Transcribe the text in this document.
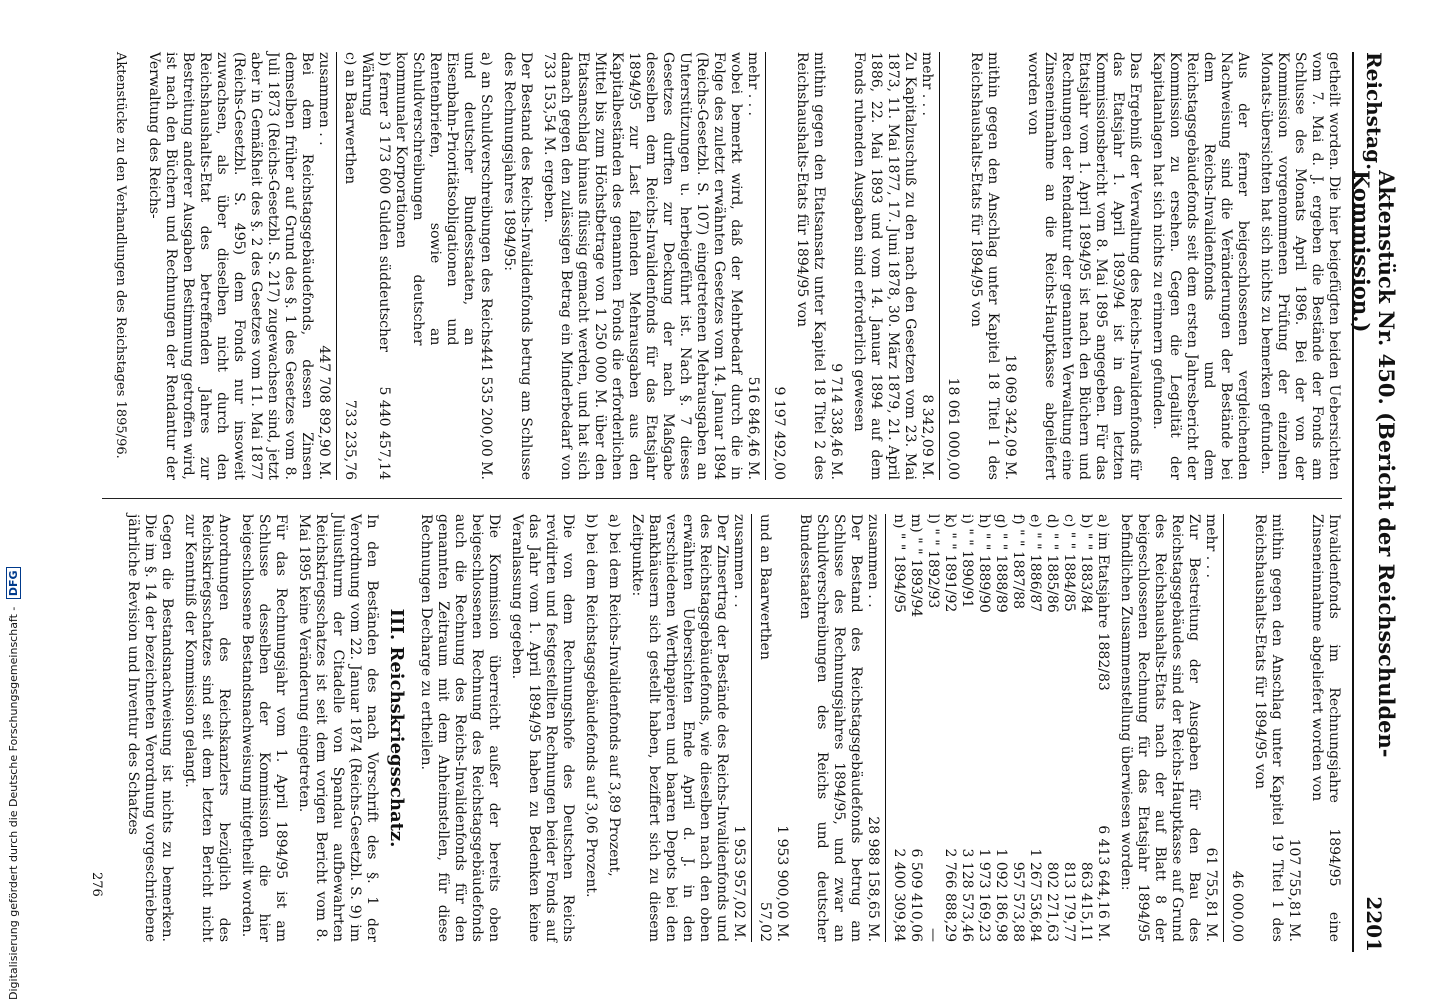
Reichstag.
Aktenstück Nr. 450. (Bericht der Reichsschulden-Kommission.)
2201

getheilt worden. Die hier beigefügten beiden Uebersichten vom 7. Mai d. J. ergeben die Bestände der Fonds am Schlusse des Monats April 1896. Bei der von der Kommission vorgenommenen Prüfung der einzelnen Monats-übersichten hat sich nichts zu bemerken gefunden.

Aus der ferner beigeschlossenen vergleichenden Nachweisung sind die Veränderungen der Bestände bei dem Reichs-Invalidenfonds und dem Reichstagsgebäudefonds seit dem ersten Jahresbericht der Kommission zu ersehen. Gegen die Legalität der Kapitalanlagen hat sich nichts zu erinnern gefunden.

Das Ergebniß der Verwaltung des Reichs-Invalidenfonds für das Etatsjahr 1. April 1893/94 ist in dem letzten Kommissionsbericht vom 8. Mai 1895 angegeben. Für das Etatsjahr vom 1. April 1894/95 ist nach den Büchern und Rechnungen der Rendantur der genannten Verwaltung eine Zinseneinnahme an die Reichs-Hauptkasse abgeliefert worden von

18 069 342,09 M.

mithin gegen den Anschlag unter Kapitel 18 Titel 1 des Reichshaushalts-Etats für 1894/95 von

18 061 000,00
mehr . . .
8 342,09 M.

Zu Kapitalzuschuß zu den nach den Gesetzen vom 23. Mai 1873, 11. Mai 1877, 17. Juni 1878, 30. März 1879, 21. April 1886, 22. Mai 1893 und vom 14. Januar 1894 auf dem Fonds ruhenden Ausgaben sind erforderlich gewesen

9 714 338,46 M.

mithin gegen den Etatsansatz unter Kapitel 18 Titel 2 des Reichshaushalts-Etats für 1894/95 von

9 197 492,00
mehr . . .
516 846,46 M.

wobei bemerkt wird, daß der Mehrbedarf durch die in Folge des zuletzt erwähnten Gesetzes vom 14. Januar 1894 (Reichs-Gesetzbl. S. 107) eingetretenen Mehrausgaben an Unterstützungen u. herbeigeführt ist. Nach §. 7 dieses Gesetzes durften zur Deckung der nach Maßgabe desselben dem Reichs-Invalidenfonds für das Etatsjahr 1894/95 zur Last fallenden Mehrausgaben aus den Kapitalbeständen des genannten Fonds die erforderlichen Mittel bis zum Höchstbetrage von 1 250 000 M. über den Etatsanschlag hinaus flüssig gemacht werden, und hat sich danach gegen den zulässigen Betrag ein Minderbedarf von 733 153,54 M. ergeben.

Der Bestand des Reichs-Invalidenfonds betrug am Schlusse des Rechnungsjahres 1894/95:

a) an Schuldverschreibungen des Reichs und deutscher Bundesstaaten, an Eisenbahn-Prioritätsobligationen und Rentenbriefen, sowie an Schuldverschreibungen deutscher kommunaler Korporationen
441 535 200,00 M.
b) ferner 3 173 600 Gulden süddeutscher Währung
5 440 457,14
c) an Baarwerthen
733 235,76
zusammen . .
447 708 892,90 M.

Bei dem Reichstagsgebäudefonds, dessen Zinsen demselben früher auf Grund des §. 1 des Gesetzes vom 8. Juli 1873 (Reichs-Gesetzbl. S. 217) zugewachsen sind, jetzt aber in Gemäßheit des §. 2 des Gesetzes vom 11. Mai 1877 (Reichs-Gesetzbl. S. 495) dem Fonds nur insoweit zuwachsen, als über dieselben nicht durch den Reichshaushalts-Etat des betreffenden Jahres zur Bestreitung anderer Ausgaben Bestimmung getroffen wird, ist nach den Büchern und Rechnungen der Rendantur der Verwaltung des Reichs-

Aktenstücke zu den Verhandlungen des Reichstages 1895/96.

Invalidenfonds im Rechnungsjahre 1894/95 eine Zinseneinnahme abgeliefert worden von

107 755,81 M.

mithin gegen den Anschlag unter Kapitel 19 Titel 1 des Reichshaushalts-Etats für 1894/95 von

46 000,00
mehr . . .
61 755,81 M.

Zur Bestreitung der Ausgaben für den Bau des Reichstagsgebäudes sind der Reichs-Hauptkasse auf Grund des Reichshaushalts-Etats nach der auf Blatt 8 der beigeschlossenen Rechnung für das Etatsjahr 1894/95 befindlichen Zusammenstellung überwiesen worden:

a) im Etatsjahre 1882/83
6 413 644,16 M.
b) " " 1883/84
863 415,11
c) " " 1884/85
813 179,77
d) " " 1885/86
802 271,63
e) " " 1886/87
1 267 536,84
f) " " 1887/88
957 573,88
g) " " 1888/89
1 092 186,98
h) " " 1889/90
1 973 169,23
i) " " 1890/91
3 128 573,46
k) " " 1891/92
2 766 888,29
l) " " 1892/93
—
m) " " 1893/94
6 509 410,06
n) " " 1894/95
2 400 309,84
zusammen . .
28 988 158,65 M.

Der Bestand des Reichstagsgebäudefonds betrug am Schlusse des Rechnungsjahres 1894/95, und zwar an Schuldverschreibungen des Reichs und deutscher Bundesstaaten

1 953 900,00 M.
und an Baarwerthen
57,02
zusammen . .
1 953 957,02 M.

Der Zinsertrag der Bestände des Reichs-Invalidenfonds und des Reichstagsgebäudefonds, wie dieselben nach den oben erwähnten Uebersichten Ende April d. J. in den verschiedenen Werthpapieren und baaren Depots bei den Bankhäusern sich gestellt haben, beziffert sich zu diesem Zeitpunkte:

a) bei dem Reichs-Invalidenfonds auf 3,89 Prozent,

b) bei dem Reichstagsgebäudefonds auf 3,06 Prozent.

Die von dem Rechnungshofe des Deutschen Reichs revidirten und festgestellten Rechnungen beider Fonds auf das Jahr vom 1. April 1894/95 haben zu Bedenken keine Veranlassung gegeben.

Die Kommission überreicht außer der bereits oben beigeschlossenen Rechnung des Reichstagsgebäudefonds auch die Rechnung des Reichs-Invalidenfonds für den genannten Zeitraum mit dem Anheimstellen, für diese Rechnungen Decharge zu ertheilen.

III. Reichskriegsschatz.

In den Beständen des nach Vorschrift des §. 1 der Verordnung vom 22. Januar 1874 (Reichs-Gesetzbl. S. 9) im Juliusthurm der Citadelle von Spandau aufbewahrten Reichskriegsschatzes ist seit dem vorigen Bericht vom 8. Mai 1895 keine Veränderung eingetreten.

Für das Rechnungsjahr vom 1. April 1894/95 ist am Schlusse desselben der Kommission die hier beigeschlossene Bestandsnachweisung mitgetheilt worden.

Anordnungen des Reichskanzlers bezüglich des Reichskriegsschatzes sind seit dem letzten Bericht nicht zur Kenntniß der Kommission gelangt.

Gegen die Bestandsnachweisung ist nichts zu bemerken. Die im §. 14 der bezeichneten Verordnung vorgeschriebene jährliche Revision und Inventur des Schatzes

276
Digitalisierung gefördert durch die Deutsche Forschungsgemeinschaft - DFG
